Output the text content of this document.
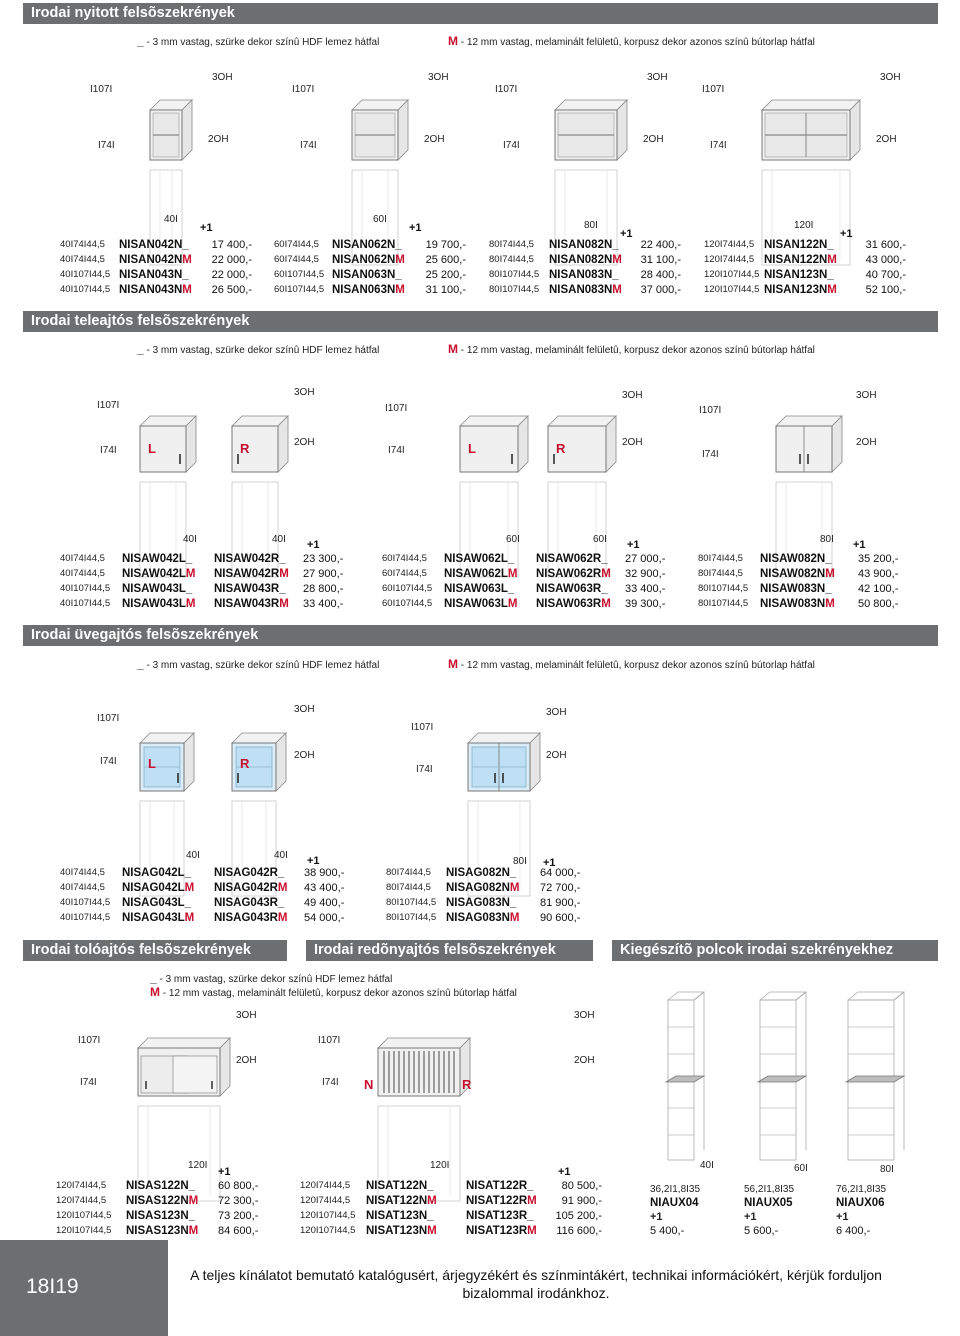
Irodai nyitott felsõszekrények
_ - 3 mm vastag, szürke dekor színû HDF lemez hátfal	M - 12 mm vastag, melaminált felületû, korpusz dekor azonos színû bútorlap hátfal
I107I
I74I
3OH
2OH
40I
+1
40I74I44,5 NISAN042N_	17 400,-
40I74I44,5 NISAN042NM	22 000,-
40I107I44,5 NISAN043N_	22 000,-
40I107I44,5 NISAN043NM	26 500,-
I107I
I74I
3OH
2OH
60I
+1
60I74I44,5 NISAN062N_	19 700,-
60I74I44,5 NISAN062NM	25 600,-
60I107I44,5 NISAN063N_	25 200,-
60I107I44,5 NISAN063NM	31 100,-
I107I
I74I
3OH
2OH
80I
+1
80I74I44,5 NISAN082N_	22 400,-
80I74I44,5 NISAN082NM	31 100,-
80I107I44,5 NISAN083N_	28 400,-
80I107I44,5 NISAN083NM	37 000,-
I107I
I74I
3OH
2OH
120I
+1
120I74I44,5 NISAN122N_	31 600,-
120I74I44,5 NISAN122NM	43 000,-
120I107I44,5 NISAN123N_	40 700,-
120I107I44,5 NISAN123NM	52 100,-
Irodai teleajtós felsõszekrények
_ - 3 mm vastag, szürke dekor színû HDF lemez hátfal	M - 12 mm vastag, melaminált felületû, korpusz dekor azonos színû bútorlap hátfal
L	R	L	R
I107I
I74I
I107I
I74I
I107I
I74I
3OH
2OH
3OH
2OH
3OH
2OH
40I	40I	60I	60I	80I
+1	+1	+1
40I74I44,5 NISAW042L_ NISAW042R_ 23 300,-
40I74I44,5 NISAW042LM NISAW042RM 27 900,-
40I107I44,5 NISAW043L_ NISAW043R_ 28 800,-
40I107I44,5 NISAW043LM NISAW043RM 33 400,-
60I74I44,5 NISAW062L_ NISAW062R_ 27 000,-
60I74I44,5 NISAW062LM NISAW062RM 32 900,-
60I107I44,5 NISAW063L_ NISAW063R_ 33 400,-
60I107I44,5 NISAW063LM NISAW063RM 39 300,-
80I74I44,5 NISAW082N_ 35 200,-
80I74I44,5 NISAW082NM 43 900,-
80I107I44,5 NISAW083N_ 42 100,-
80I107I44,5 NISAW083NM 50 800,-
Irodai üvegajtós felsõszekrények
_ - 3 mm vastag, szürke dekor színû HDF lemez hátfal	M - 12 mm vastag, melaminált felületû, korpusz dekor azonos színû bútorlap hátfal
L	R
I107I
I74I
I107I
I74I
3OH
2OH
3OH
2OH
40I	40I
80I
+1	+1
40I74I44,5 NISAG042L_ NISAG042R_ 38 900,-
40I74I44,5 NISAG042LM NISAG042RM 43 400,-
40I107I44,5 NISAG043L_ NISAG043R_ 49 400,-
40I107I44,5 NISAG043LM NISAG043RM 54 000,-
80I74I44,5 NISAG082N_ 64 000,-
80I74I44,5 NISAG082NM 72 700,-
80I107I44,5 NISAG083N_ 81 900,-
80I107I44,5 NISAG083NM 90 600,-
Irodai tolóajtós felsõszekrények	Irodai redõnyajtós felsõszekrények	Kiegészítõ polcok irodai szekrényekhez
_ - 3 mm vastag, szürke dekor színû HDF lemez hátfal
M - 12 mm vastag, melaminált felületû, korpusz dekor azonos színû bútorlap hátfal
I107I
I74I
3OH
2OH
N	R
I107I
I74I
3OH
2OH
120I
+1
120I74I44,5 NISAS122N_ 60 800,-
120I74I44,5 NISAS122NM 72 300,-
120I107I44,5 NISAS123N_ 73 200,-
120I107I44,5 NISAS123NM 84 600,-
120I
+1
120I74I44,5 NISAT122N_	NISAT122R_	80 500,-
120I74I44,5 NISAT122NM	NISAT122RM	91 900,-
120I107I44,5 NISAT123N_	NISAT123R_	105 200,-
120I107I44,5 NISAT123NM	NISAT123RM	116 600,-
40I
36,2I1,8I35
NIAUX04
+1
5 400,-
60I
56,2I1,8I35
NIAUX05
+1
5 600,-
80I
76,2I1,8I35
NIAUX06
+1
6 400,-
18I19	A teljes kínálatot bemutató katalógusért, árjegyzékért és színmintákért, technikai információkért, kérjük forduljon bizalommal irodánkhoz.
